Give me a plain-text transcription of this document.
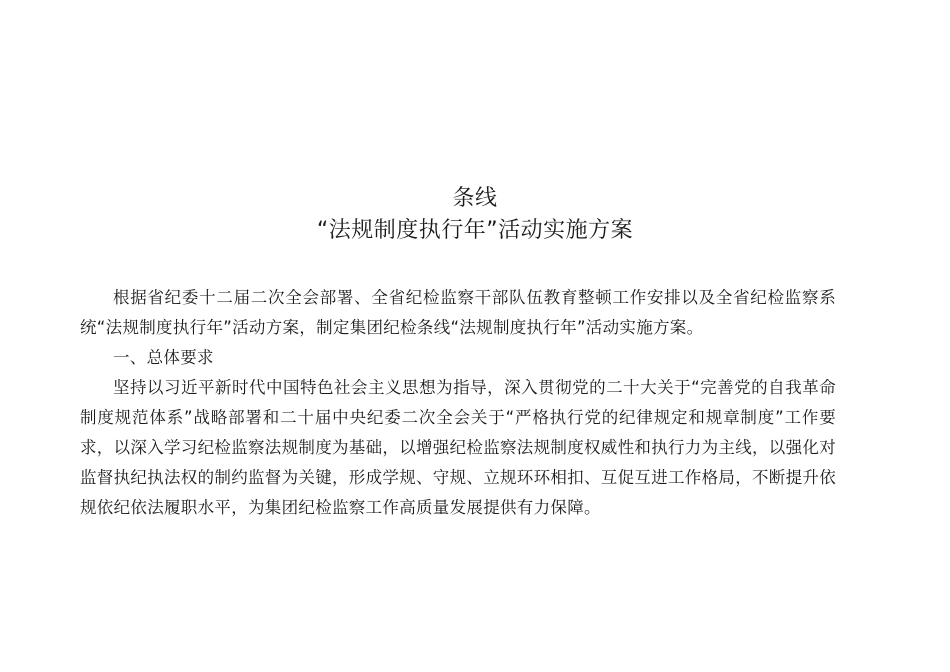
条线
“法规制度执行年”活动实施方案

根据省纪委十二届二次全会部署、全省纪检监察干部队伍教育整顿工作安排以及全省纪检监察系统“法规制度执行年”活动方案，制定集团纪检条线“法规制度执行年”活动实施方案。

一、总体要求

坚持以习近平新时代中国特色社会主义思想为指导，深入贯彻党的二十大关于“完善党的自我革命制度规范体系”战略部署和二十届中央纪委二次全会关于“严格执行党的纪律规定和规章制度”工作要求，以深入学习纪检监察法规制度为基础，以增强纪检监察法规制度权威性和执行力为主线，以强化对监督执纪执法权的制约监督为关键，形成学规、守规、立规环环相扣、互促互进工作格局，不断提升依规依纪依法履职水平，为集团纪检监察工作高质量发展提供有力保障。
